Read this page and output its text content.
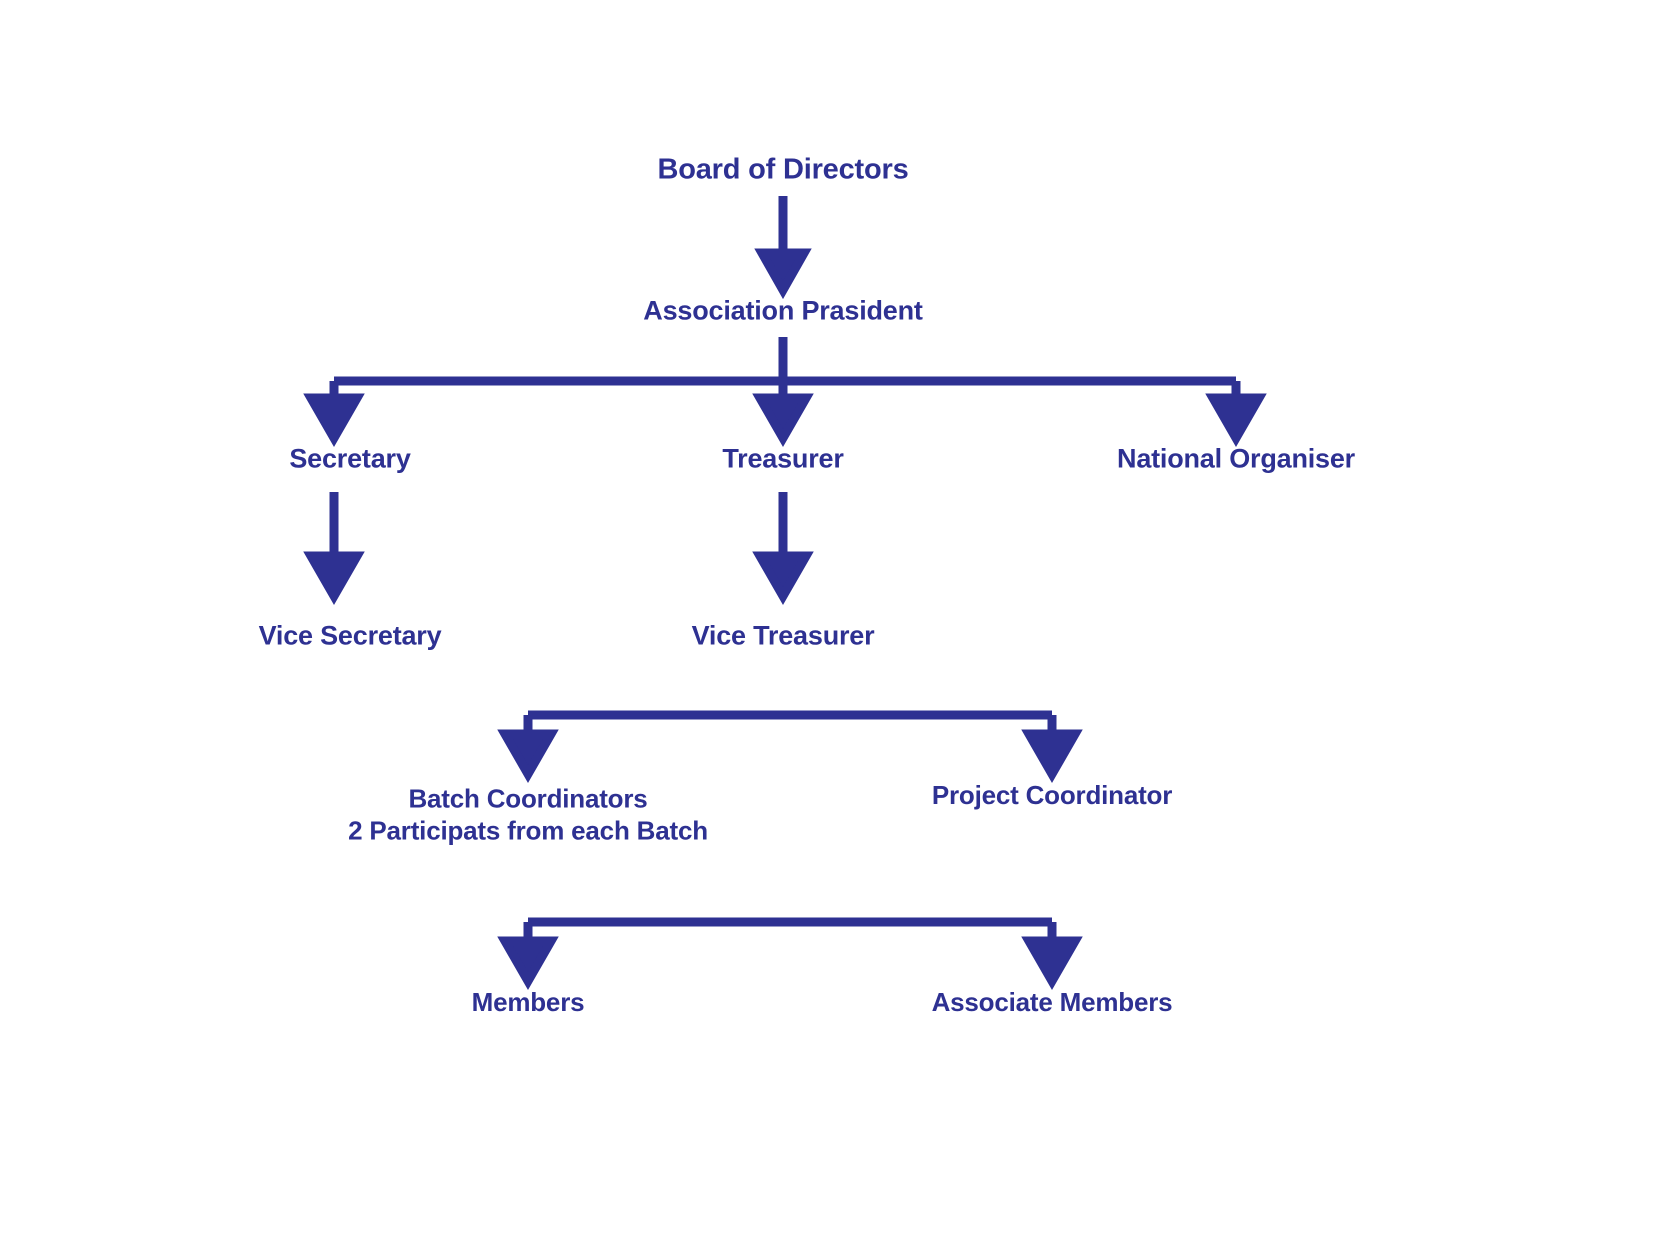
Board of Directors
Association Prasident
Secretary	Treasurer	National Organiser
Vice Secretary	Vice Treasurer
Batch Coordinators
2 Participats from each Batch
Project Coordinator
Members	Associate Members
